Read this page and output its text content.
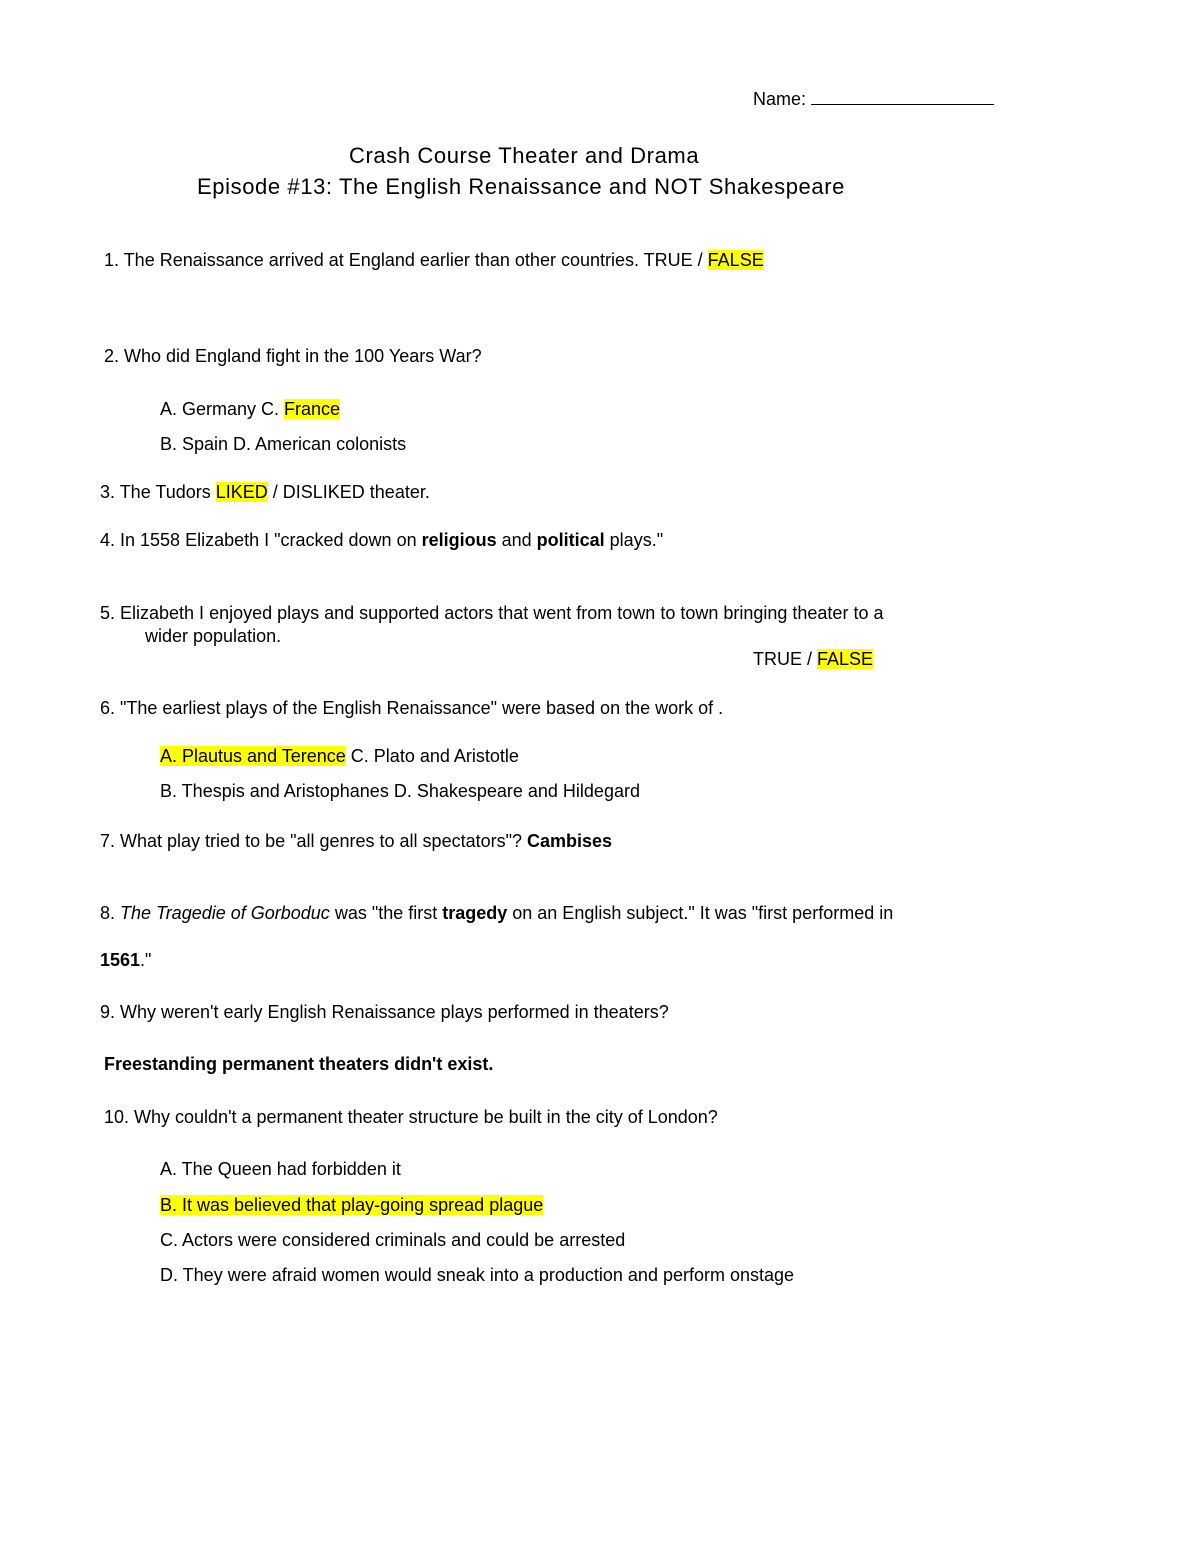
Name:
Crash Course Theater and Drama
Episode #13: The English Renaissance and NOT Shakespeare
1. The Renaissance arrived at England earlier than other countries. TRUE / FALSE
2. Who did England fight in the 100 Years War?
A. Germany C. France
B. Spain D. American colonists
3. The Tudors LIKED / DISLIKED theater.
4. In 1558 Elizabeth I "cracked down on religious and political plays."
5. Elizabeth I enjoyed plays and supported actors that went from town to town bringing theater to a
wider population.
TRUE / FALSE
6. "The earliest plays of the English Renaissance" were based on the work of .
A. Plautus and Terence C. Plato and Aristotle
B. Thespis and Aristophanes D. Shakespeare and Hildegard
7. What play tried to be "all genres to all spectators"? Cambises
8. The Tragedie of Gorboduc was "the first tragedy on an English subject." It was "first performed in
1561."
9. Why weren't early English Renaissance plays performed in theaters?
Freestanding permanent theaters didn't exist.
10. Why couldn't a permanent theater structure be built in the city of London?
A. The Queen had forbidden it
B. It was believed that play-going spread plague
C. Actors were considered criminals and could be arrested
D. They were afraid women would sneak into a production and perform onstage
